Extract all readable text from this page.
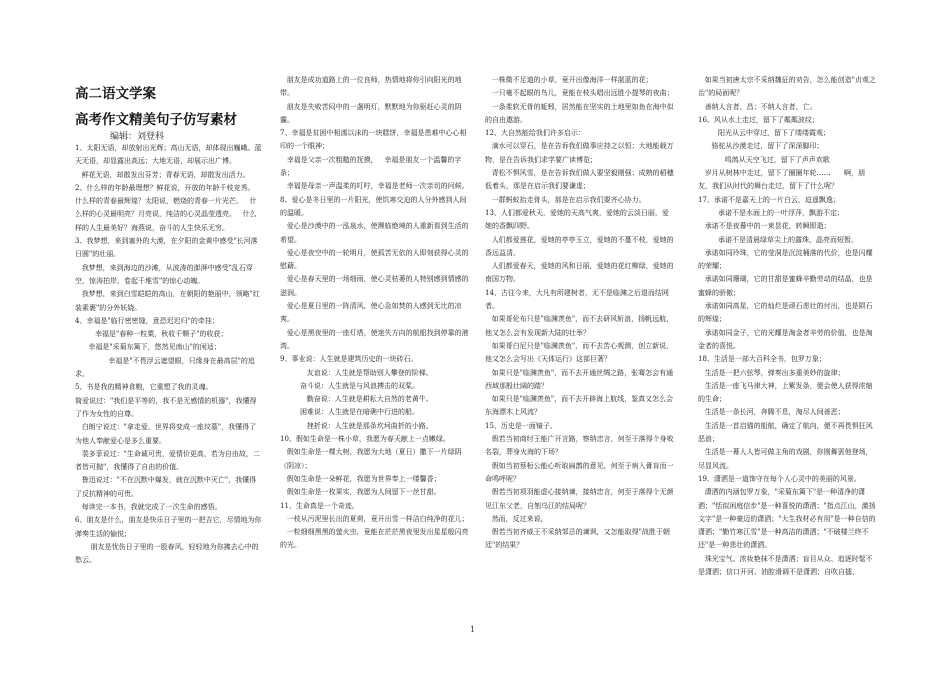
高二语文学案
高考作文精美句子仿写素材
编辑：刘登科

1、太阳无语，却放射出光辉；高山无语，却体现出巍峨。蓝天无语，却显露出高远；大地无语，却展示出广博。

鲜花无语，却散发出芬芳；青春无语，却散发出活力。

2、什么样的年龄最理想？鲜花说，开放的年龄千枝竞秀。   什么样的青春最辉煌？太阳说，燃烧的青春一片光芒。   什么样的心灵最明亮？月亮说，纯洁的心灵晶莹透亮。   什么样的人生最美好？海燕说，奋斗的人生快乐无穷。

3、我梦想，来到塞外的大漠，在夕阳的金黄中感受"长河落日圆"的壮丽。

我梦想，来到海边的沙滩，从波涛的澎湃中感受"乱石穿空，惊涛拍岸，卷起千堆雪"的惊心动魄。

我梦想，来到白雪皑皑的高山，在朝阳的艳丽中，领略"红装素裹"的分外妖娆。

4、幸福是"临行密密缝，意恐迟迟归"的牵挂；

幸福是"春种一粒粟，秋收千颗子"的收获；

幸福是"采菊东篱下，悠然见南山"的闲适；

幸福是"不畏浮云遮望眼，只缘身在最高层"的追求。

5、书是我的精神食粮，它重塑了我的灵魂。

简爱说过："我们是平等的，我不是无感情的机器"，我懂得了作为女性的自尊。

白朗宁说过："拿走爱，世界将变成一座坟墓"，我懂得了为他人奉献爱心是多么重要。

裴多菲说过："生命诚可贵，爱情价更高，若为自由故，二者皆可抛"，我懂得了自由的价值。

鲁迅说过："不在沉默中爆发，就在沉默中灭亡"，我懂得了反抗精神的可贵。

每读完一本书，我就完成了一次生命的感悟。

6、朋友是什么，朋友是快乐日子里的一把吉它，尽情地为你弹奏生活的愉悦；

朋友是忧伤日子里的一股春风，轻轻地为你拂去心中的愁云。

朋友是成功道路上的一位良师，热情地将你引向阳光的地带。

朋友是失败苦闷中的一盏明灯，默默地为你驱赶心灵的阴霾。

7、幸福是贫困中相濡以沫的一块糕饼，幸福是患难中心心相印的一个眼神；

幸福是父亲一次粗糙的抚摸，   幸福是朋友一个温馨的字条；

幸福是母亲一声温柔的叮咛，幸福是老师一次亲切的问候。

8、爱心是冬日里的一片阳光，使饥寒交迫的人分外感到人间的温暖。

爱心是沙漠中的一泓泉水，使濒临绝境的人重新看到生活的希望。

爱心是夜空中的一轮明月，使孤苦无依的人即刻获得心灵的慰藉。

爱心是春天里的一场细雨，使心灵枯萎的人特别感到情感的滋润。

爱心是夏日里的一阵清风，使心急如焚的人感到无比的凉爽。

爱心是黑夜里的一座灯塔，使迷失方向的航船找到停靠的港湾。

9、事业说：人生就是建筑历史的一块砖石。

友谊说：人生就是帮助别人攀登的阶梯。

奋斗说：人生就是与风浪搏击的双桨。

勤奋说：人生就是耕耘大自然的老黄牛。

困难说：人生就是在暗礁中行进的船。

挫折说：人生就是那条坎坷曲折的小路。

10、假如生命是一株小草，我愿为春天献上一点嫩绿。

假如生命是一棵大树，我愿为大地（夏日）撒下一片绿阴（阴凉）；

假如生命是一朵鲜花，我愿为世界奉上一缕馨香；

假如生命是一枚果实，我愿为人间留下一丝甘甜。

11、生命真是一个奇迹。

一枝从污泥里长出的夏荷，竟开出雪一样洁白纯净的花儿；

一粒细细黑黑的萤火虫，竟能在茫茫黑夜里发出星星般闪亮的光。

一株微不足道的小草，竟开出像海洋一样湛蓝的花；

一只毫不起眼的鸟儿，竟能在枝头唱出远胜小提琴的夜曲；

一条柔软无骨的蚯蚓，居然能在坚实的土地里如鱼在海中似的自由遨游。

12、大自然能给我们许多启示：

滴水可以穿石，是在告诉我们做事应持之以恒；大地能载万物，是在告诉我们求学要广读博览；

青松不惧风雪，是在告诉我们做人要坚毅刚强；成熟的稻穗低着头，那是在启示我们要谦虚；

一群蚂蚁抬走骨头，那是在启示我们要齐心协力。

13、人们都爱秋天，爱她的天高气爽，爱她的云淡日丽，爱她的香飘四野。

人们都爱莲花，爱她的亭亭玉立，爱她的不蔓不枝，爱她的香远益清。

人们都爱春天，爱她的风和日丽，爱她的花红柳绿，爱她的南国万物。

14、古往今来，大凡有所建树者，无不是临渊之后退而结网者。

如果哥伦布只是"临渊羡鱼"，而不去研风斩浪，扬帆远航，他又怎么会有发现新大陆的壮举？

如果哥白尼只是"临渊羡鱼"，而不去苦心观测，创立新说，他又怎么会写出《天体运行》这部巨著？

如果只是"临渊羡鱼"，而不去开通丝绸之路，张骞怎会有通西域那般壮阔的踏？

如果只是"临渊羡鱼"，而不去开辟海上航线，鉴真又怎么会东海漂木上风流？

15、历史是一面镜子。

假若当初商纣王能广开言路，察纳忠言，何至于落得个身败名裂，葬身火海的下场？

假如当初蔡桓公能心听取扁鹊的意见，何至于病入膏肓而一命鸣呼呢？

假若当初项羽能虚心接纳谏，接纳忠言，何至于落得个无颜见江东父老，自刎乌江的结局呢？

然而，反过来说，

假若当初齐威王不采纳邹忌的谏讽，又怎能取得"战胜于朝廷"的结果？

如果当初唐太宗不采纳魏征的劝告，怎么能创造"贞观之治"的局面呢？

善纳人言者，昌；不纳人言者，亡。

16、风从水上走过，留下了粼粼波纹；

阳光从云中穿过，留下了缕缕霞观；

骆驼从沙漠走过，留下了深深脚印；

鸣鸽从天空飞过，留下了声声欢歌

岁月从树林中走过，留下了圈圈年轮……      啊，朋友，我们从时代的舞台走过，留下了什么呢？

17、承诺不是嘉天上的一片白云，迫遥飘逸；

承诺不是水面上的一叶浮萍，飘游不定；

承诺不是夜幕中的一束昙花，转瞬即逝；

承诺不是清晨绿草尖上的露珠，晶亮而短暂。

承诺如同玲珠，它的莹洞是沉淀桶落的代价，也是闪耀的荣耀；

承诺如同珊瑚，它的甘甜是蜜蜂辛勤劳动的结晶，也是蜜蜂的骄傲；

承诺如同高星，它的灿烂是顽石悲壮的付出，也是陨石的辉煌；

承诺如同金子，它的光耀是淘金者辛劳的价值，也是淘金者的喜悦。

18、生活是一部大百科全书，包罗万象；

生活是一把六弦琴，弹奏出多重美妙的旋律；

生活是一座飞马律大神，上紫发条，便会使人获得浓缩的生命；

生活是一条长河，奔腾不息，淘尽人间善恶；

生活是一首启锚的船航，确定了航向，便不再畏惧狂风恶浪；

生活是一幕人人皆可做主角的戏剧，你刚舞罢他登场，尽显风流。

19、潇洒是一道饰守在每个人心灵中的美丽的风景。

潇洒的内涵包罗万象，"采菊东篱下"是一种清净的潇洒；"恬似闲庭信步"是一种喜悦的潇洒；"指点江山，激扬文字"是一种豪迈的潇洒；"大生我材必有用"是一种自信的潇洒；"勤竹寒江雪"是一种高洁的潇洒；"不破楼兰终不还"是一种悲壮的潇洒。

珠光宝气、浓妆艳抹不是潇洒；盲目从众、追逐时髦不是潇洒；信口开河、油腔滑调不是潇洒；自吹自擂、

1
